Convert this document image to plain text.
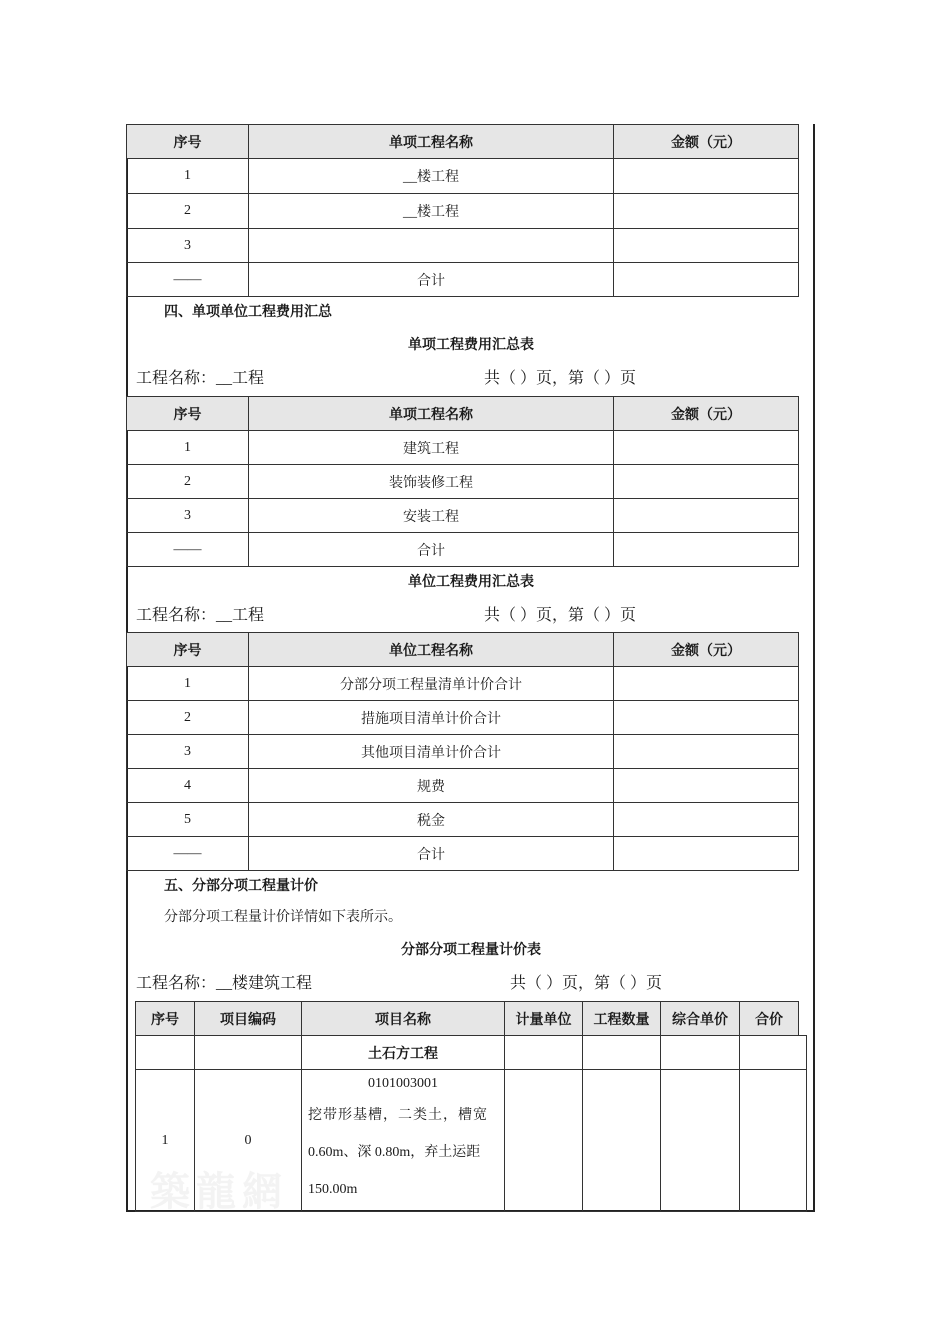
序号	单项工程名称	金额（元）
1	__楼工程	
2	__楼工程	
3		
——	合计	
四、单项单位工程费用汇总
单项工程费用汇总表
工程名称：__工程	共（ ）页，第（ ）页
序号	单项工程名称	金额（元）
1	建筑工程	
2	装饰装修工程	
3	安装工程	
——	合计	
单位工程费用汇总表
工程名称：__工程	共（ ）页，第（ ）页
序号	单位工程名称	金额（元）
1	分部分项工程量清单计价合计	
2	措施项目清单计价合计	
3	其他项目清单计价合计	
4	规费	
5	税金	
——	合计	
五、分部分项工程量计价
分部分项工程量计价详情如下表所示。
分部分项工程量计价表
工程名称：__楼建筑工程	共（ ）页，第（ ）页
序号	项目编码	项目名称	计量单位	工程数量	综合单价	合价
		土石方工程				
1	0	0101003001
挖带形基槽，二类土，槽宽
0.60m、深 0.80m，弃土运距
150.00m				

築龍網
